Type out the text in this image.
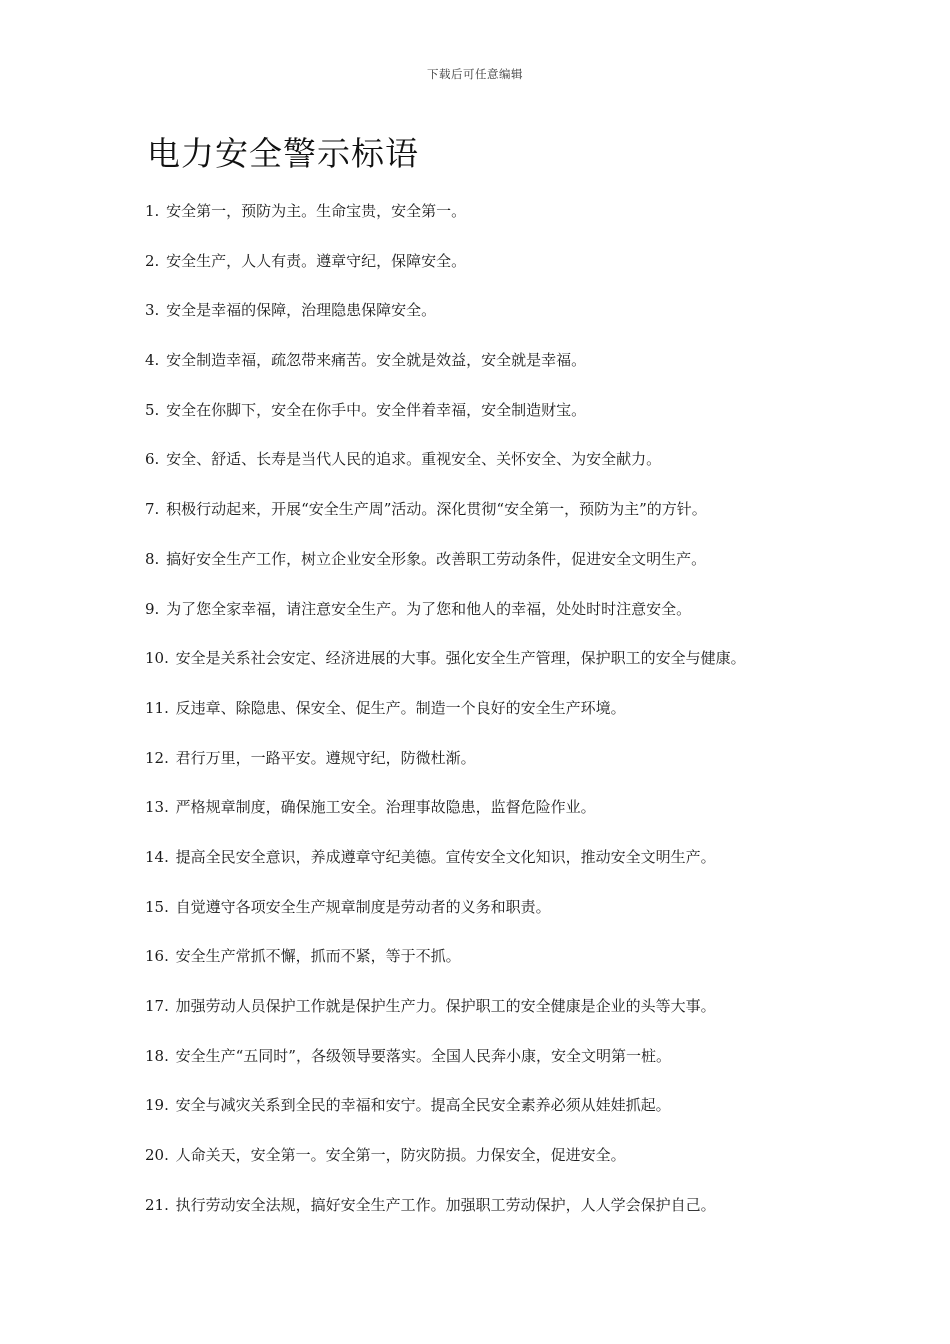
下载后可任意编辑
电力安全警示标语
1. 安全第一，预防为主。生命宝贵，安全第一。
2. 安全生产，人人有责。遵章守纪，保障安全。
3. 安全是幸福的保障，治理隐患保障安全。
4. 安全制造幸福，疏忽带来痛苦。安全就是效益，安全就是幸福。
5. 安全在你脚下，安全在你手中。安全伴着幸福，安全制造财宝。
6. 安全、舒适、长寿是当代人民的追求。重视安全、关怀安全、为安全献力。
7. 积极行动起来，开展“安全生产周”活动。深化贯彻“安全第一，预防为主”的方针。
8. 搞好安全生产工作，树立企业安全形象。改善职工劳动条件，促进安全文明生产。
9. 为了您全家幸福，请注意安全生产。为了您和他人的幸福，处处时时注意安全。
10. 安全是关系社会安定、经济进展的大事。强化安全生产管理，保护职工的安全与健康。
11. 反违章、除隐患、保安全、促生产。制造一个良好的安全生产环境。
12. 君行万里，一路平安。遵规守纪，防微杜渐。
13. 严格规章制度，确保施工安全。治理事故隐患，监督危险作业。
14. 提高全民安全意识，养成遵章守纪美德。宣传安全文化知识，推动安全文明生产。
15. 自觉遵守各项安全生产规章制度是劳动者的义务和职责。
16. 安全生产常抓不懈，抓而不紧，等于不抓。
17. 加强劳动人员保护工作就是保护生产力。保护职工的安全健康是企业的头等大事。
18. 安全生产“五同时”，各级领导要落实。全国人民奔小康，安全文明第一桩。
19. 安全与减灾关系到全民的幸福和安宁。提高全民安全素养必须从娃娃抓起。
20. 人命关天，安全第一。安全第一，防灾防损。力保安全，促进安全。
21. 执行劳动安全法规，搞好安全生产工作。加强职工劳动保护，人人学会保护自己。
